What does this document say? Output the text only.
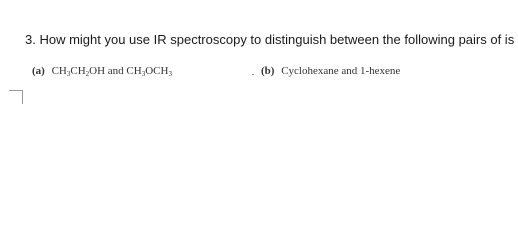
3. How might you use IR spectroscopy to distinguish between the following pairs of is

(a) $CH_3CH_2OH$ and $CH_3OCH_3$	(b) Cyclohexane and 1-hexene
